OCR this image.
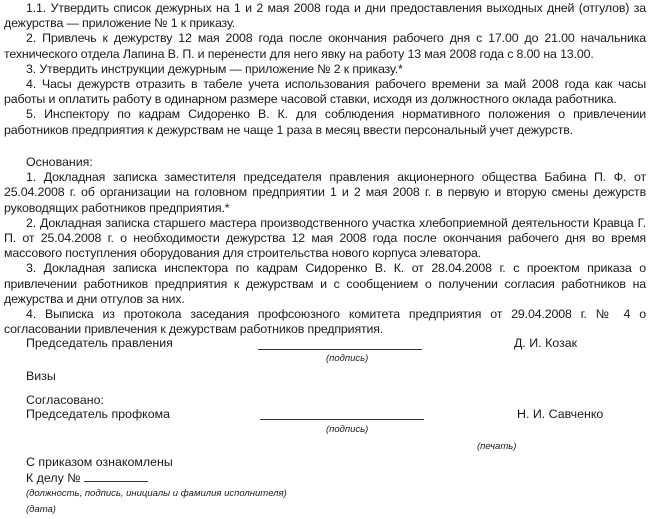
1.1. Утвердить список дежурных на 1 и 2 мая 2008 года и дни предоставления выходных дней (отгулов) за дежурства — приложение № 1 к приказу.

2. Привлечь к дежурству 12 мая 2008 года после окончания рабочего дня с 17.00 до 21.00 начальника технического отдела Лапина В. П. и перенести для него явку на работу 13 мая 2008 года с 8.00 на 13.00.

3. Утвердить инструкции дежурным — приложение № 2 к приказу.*

4. Часы дежурств отразить в табеле учета использования рабочего времени за май 2008 года как часы работы и оплатить работу в одинарном размере часовой ставки, исходя из должностного оклада работника.

5. Инспектору по кадрам Сидоренко В. К. для соблюдения нормативного положения о привлечении работников предприятия к дежурствам не чаще 1 раза в месяц ввести персональный учет дежурств.

Основания:

1. Докладная записка заместителя председателя правления акционерного общества Бабина П. Ф. от 25.04.2008 г. об организации на головном предприятии 1 и 2 мая 2008 г. в первую и вторую смены дежурств руководящих работников предприятия.*

2. Докладная записка старшего мастера производственного участка хлебоприемной деятельности Кравца Г. П. от 25.04.2008 г. о необходимости дежурства 12 мая 2008 года после окончания рабочего дня во время массового поступления оборудования для строительства нового корпуса элеватора.

3. Докладная записка инспектора по кадрам Сидоренко В. К. от 28.04.2008 г. с проектом приказа о привлечении работников предприятия к дежурствам и с сообщением о получении согласия работников на дежурства и дни отгулов за них.

4. Выписка из протокола заседания профсоюзного комитета предприятия от 29.04.2008 г. № 4 о согласовании привлечения к дежурствам работников предприятия.

Председатель правления	Д. И. Козак
(подпись)
Визы
Согласовано:
Председатель профкома	Н. И. Савченко
(подпись)
(печать)
С приказом ознакомлены
К делу №
(должность, подпись, инициалы и фамилия исполнителя)
(дата)
